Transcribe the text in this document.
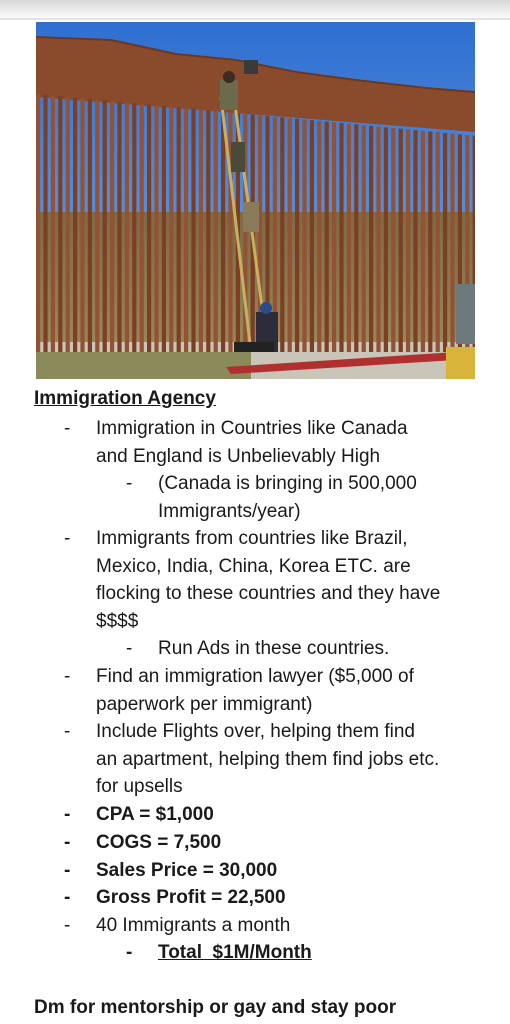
Immigration Agency
- Immigration in Countries like Canada
and England is Unbelievably High
- (Canada is bringing in 500,000
Immigrants/year)
- Immigrants from countries like Brazil,
Mexico, India, China, Korea ETC. are
flocking to these countries and they have
$$$$
- Run Ads in these countries.
- Find an immigration lawyer ($5,000 of
paperwork per immigrant)
- Include Flights over, helping them find
an apartment, helping them find jobs etc.
for upsells
- CPA = $1,000
- COGS = 7,500
- Sales Price = 30,000
- Gross Profit = 22,500
- 40 Immigrants a month
- Total  $1M/Month
Dm for mentorship or gay and stay poor
